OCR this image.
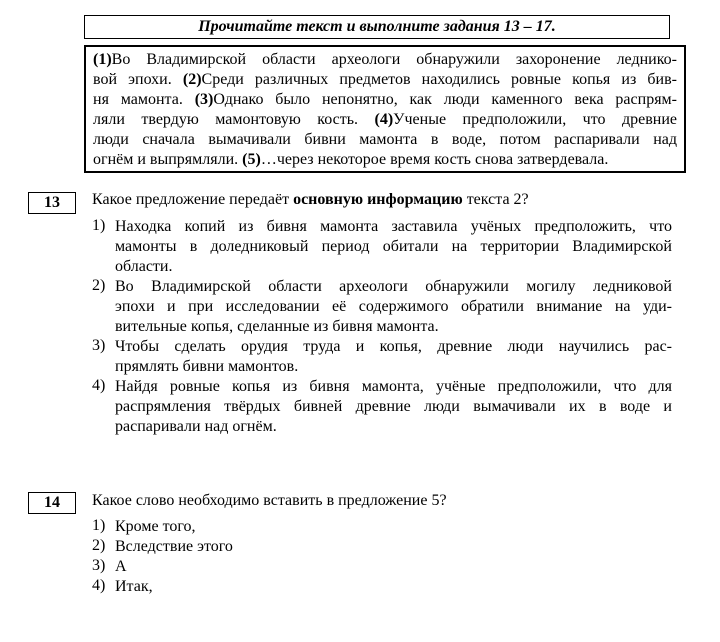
Прочитайте текст и выполните задания 13 – 17.
(1)Во Владимирской области археологи обнаружили захоронение леднико-
вой эпохи. (2)Среди различных предметов находились ровные копья из бив-
ня мамонта. (3)Однако было непонятно, как люди каменного века распрям-
ляли твердую мамонтовую кость. (4)Ученые предположили, что древние
люди сначала вымачивали бивни мамонта в воде, потом распаривали над
огнём и выпрямляли. (5)…через некоторое время кость снова затвердевала.
13	Какое предложение передаёт основную информацию текста 2?
1) Находка копий из бивня мамонта заставила учёных предположить, что
мамонты в доледниковый период обитали на территории Владимирской
области.
2) Во Владимирской области археологи обнаружили могилу ледниковой
эпохи и при исследовании её содержимого обратили внимание на уди-
вительные копья, сделанные из бивня мамонта.
3) Чтобы сделать орудия труда и копья, древние люди научились рас-
прямлять бивни мамонтов.
4) Найдя ровные копья из бивня мамонта, учёные предположили, что для
распрямления твёрдых бивней древние люди вымачивали их в воде и
распаривали над огнём.
14	Какое слово необходимо вставить в предложение 5?
1) Кроме того,
2) Вследствие этого
3) А
4) Итак,
